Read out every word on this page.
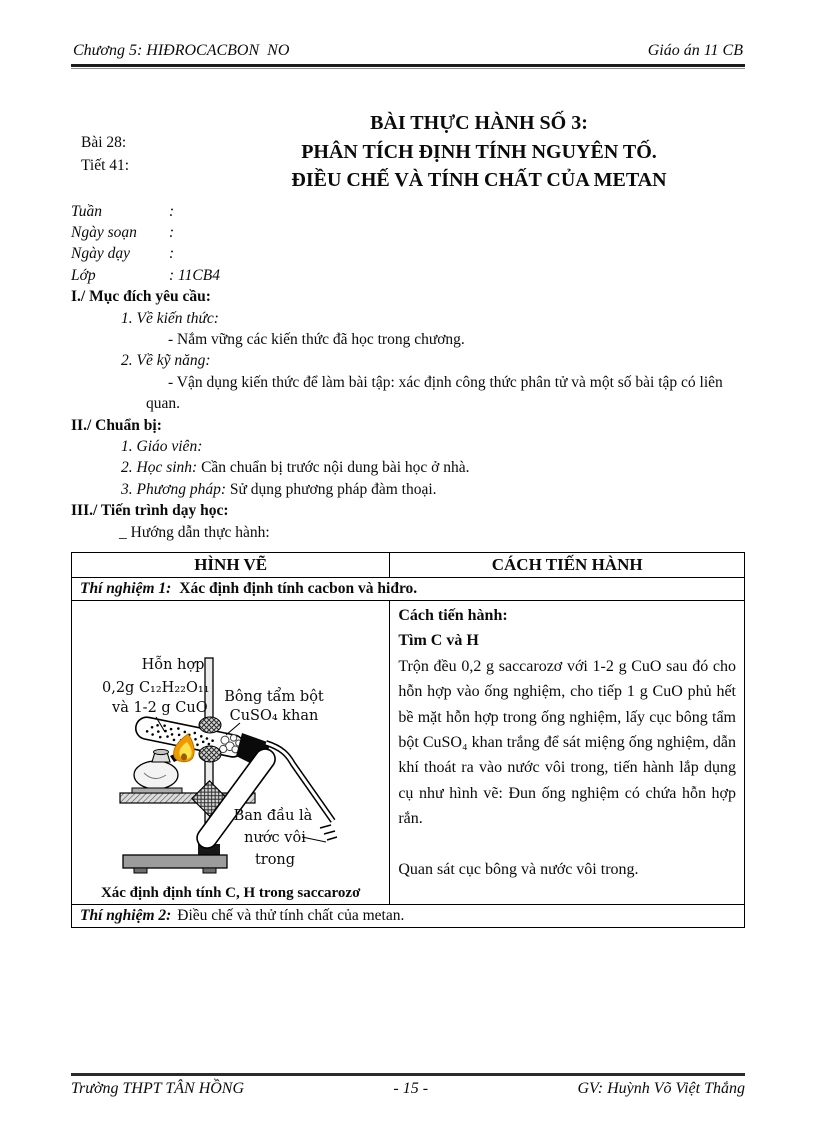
Chương 5: HIĐROCACBON  NO	Giáo án 11 CB
Bài 28:
Tiết 41:
BÀI THỰC HÀNH SỐ 3:
PHÂN TÍCH ĐỊNH TÍNH NGUYÊN TỐ.
ĐIỀU CHẾ VÀ TÍNH CHẤT CỦA METAN
Tuần	:
Ngày soạn	:
Ngày dạy	:
Lớp	: 11CB4
I./ Mục đích yêu cầu:
1. Về kiến thức:
- Nắm vững các kiến thức đã học trong chương.
2. Về kỹ năng:
- Vận dụng kiến thức để làm bài tập: xác định công thức phân tử và một số bài tập có liên quan.
II./ Chuẩn bị:
1. Giáo viên:
2. Học sinh: Cần chuẩn bị trước nội dung bài học ở nhà.
3. Phương pháp: Sử dụng phương pháp đàm thoại.
III./ Tiến trình dạy học:
_ Hướng dẫn thực hành:
HÌNH VẼ	CÁCH TIẾN HÀNH
Thí nghiệm 1: Xác định định tính cacbon và hiđro.	

Hỗn hợp
0,2g C₁₂H₂₂O₁₁
và 1-2 g CuO
Bông tẩm bột
CuSO₄ khan
Ban đầu là
nước vôi
trong
Xác định định tính C, H trong saccarozơ

Cách tiến hành:
Tìm C và H
Trộn đều 0,2 g saccarozơ với 1-2 g CuO sau đó cho hỗn hợp vào ống nghiệm, cho tiếp 1 g CuO phủ hết bề mặt hỗn hợp trong ống nghiệm, lấy cục bông tẩm bột CuSO₄ khan trắng để sát miệng ống nghiệm, dẫn khí thoát ra vào nước vôi trong, tiến hành lắp dụng cụ như hình vẽ: Đun ống nghiệm có chứa hỗn hợp rắn.
Quan sát cục bông và nước vôi trong.

Thí nghiệm 2: Điều chế và thử tính chất của metan.	
Trường THPT TÂN HỒNG	- 15 -	GV: Huỳnh Võ Việt Thắng
